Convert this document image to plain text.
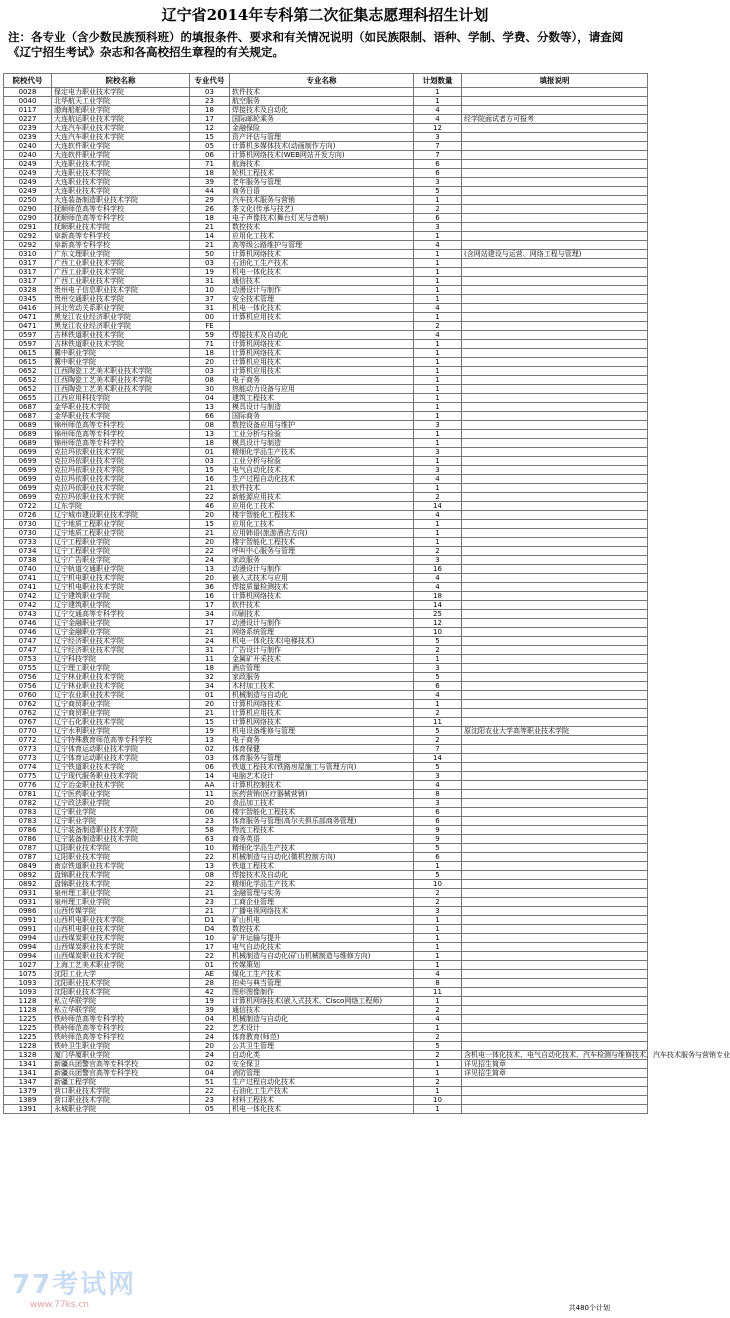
辽宁省2014年专科第二次征集志愿理科招生计划
注：各专业（含少数民族预科班）的填报条件、要求和有关情况说明（如民族限制、语种、学制、学费、分数等），请查阅《辽宁招生考试》杂志和各高校招生章程的有关规定。
院校代号	院校名称	专业代号	专业名称	计划数量	填报说明
0028	保定电力职业技术学院	03	软件技术	1	
0040	北华航天工业学院	23	航空服务	1	
0117	渤海船舶职业学院	18	焊接技术及自动化	4	
0227	大连航运职业技术学院	17	国际邮轮乘务	4	经学院面试者方可报考
0239	大连汽车职业技术学院	12	金融保险	12	
0239	大连汽车职业技术学院	15	资产评估与管理	3	
0240	大连软件职业学院	05	计算机多媒体技术(动画制作方向)	7	
0240	大连软件职业学院	06	计算机网络技术(WEB网站开发方向)	7	
0249	大连职业技术学院	71	航海技术	6	
0249	大连职业技术学院	18	轮机工程技术	6	
0249	大连职业技术学院	39	老年服务与管理	3	
0249	大连职业技术学院	44	商务日语	5	
0250	大连装备制造职业技术学院	29	汽车技术服务与营销	1	
0290	抚顺师范高等专科学校	26	茶文化(传承与技艺)	2	
0290	抚顺师范高等专科学校	18	电子声像技术(舞台灯光与音响)	6	
0291	抚顺职业技术学院	21	数控技术	3	
0292	阜新高等专科学校	14	应用化工技术	1	
0292	阜新高等专科学校	21	高等级公路维护与管理	4	
0310	广东文理职业学院	50	计算机网络技术	1	(含网站建设与运营、网络工程与管理)
0317	广西工业职业技术学院	03	石油化工生产技术	1	
0317	广西工业职业技术学院	19	机电一体化技术	1	
0317	广西工业职业技术学院	31	通信技术	1	
0328	贵州电子信息职业技术学院	10	动漫设计与制作	1	
0345	贵州交通职业技术学院	37	安全技术管理	1	
0416	河北劳动关系职业学院	31	机电一体化技术	4	
0471	黑龙江农业经济职业学院	00	计算机应用技术	1	
0471	黑龙江农业经济职业学院	FE		2	
0597	吉林铁道职业技术学院	59	焊接技术及自动化	4	
0597	吉林铁道职业技术学院	71	计算机网络技术	1	
0615	冀中职业学院	18	计算机网络技术	1	
0615	冀中职业学院	20	计算机应用技术	1	
0652	江西陶瓷工艺美术职业技术学院	03	计算机应用技术	1	
0652	江西陶瓷工艺美术职业技术学院	08	电子商务	1	
0652	江西陶瓷工艺美术职业技术学院	30	热能动力设备与应用	1	
0655	江西应用科技学院	04	建筑工程技术	1	
0687	金华职业技术学院	13	模具设计与制造	1	
0687	金华职业技术学院	66	国际商务	1	
0689	锦州师范高等专科学校	08	数控设备应用与维护	3	
0689	锦州师范高等专科学校	13	工业分析与检验	1	
0689	锦州师范高等专科学校	18	模具设计与制造	1	
0699	克拉玛依职业技术学院	01	精细化学品生产技术	3	
0699	克拉玛依职业技术学院	03	工业分析与检验	1	
0699	克拉玛依职业技术学院	15	电气自动化技术	3	
0699	克拉玛依职业技术学院	16	生产过程自动化技术	4	
0699	克拉玛依职业技术学院	21	软件技术	1	
0699	克拉玛依职业技术学院	22	新能源应用技术	2	
0722	辽东学院	46	应用化工技术	14	
0726	辽宁城市建设职业技术学院	20	楼宇智能化工程技术	4	
0730	辽宁地质工程职业学院	15	应用化工技术	1	
0730	辽宁地质工程职业学院	21	应用韩语(旅游酒店方向)	1	
0733	辽宁工程职业学院	20	楼宇智能化工程技术	1	
0734	辽宁工程职业学院	22	呼叫中心服务与管理	2	
0738	辽宁广告职业学院	24	家政服务	3	
0740	辽宁轨道交通职业学院	13	动漫设计与制作	16	
0741	辽宁机电职业技术学院	20	嵌入式技术与应用	4	
0741	辽宁机电职业技术学院	36	焊接质量检测技术	4	
0742	辽宁建筑职业学院	16	计算机网络技术	18	
0742	辽宁建筑职业学院	17	软件技术	14	
0743	辽宁交通高等专科学校	34	印刷技术	25	
0746	辽宁金融职业学院	17	动漫设计与制作	12	
0746	辽宁金融职业学院	21	网络系统管理	10	
0747	辽宁经济职业技术学院	24	机电一体化技术(电梯技术)	5	
0747	辽宁经济职业技术学院	31	广告设计与制作	2	
0753	辽宁科技学院	11	金属矿开采技术	1	
0755	辽宁理工职业学院	18	酒店管理	3	
0756	辽宁林业职业技术学院	32	家政服务	5	
0756	辽宁林业职业技术学院	34	木材加工技术	6	
0760	辽宁农业职业技术学院	01	机械制造与自动化	4	
0762	辽宁商贸职业学院	20	计算机网络技术	1	
0762	辽宁商贸职业学院	21	计算机应用技术	2	
0767	辽宁石化职业技术学院	15	计算机网络技术	11	
0770	辽宁水利职业学院	19	机电设备维修与管理	5	原沈阳农业大学高等职业技术学院
0772	辽宁特殊教育师范高等专科学校	13	电子商务	2	
0773	辽宁体育运动职业技术学院	02	体育保健	7	
0773	辽宁体育运动职业技术学院	03	体育服务与管理	14	
0774	辽宁铁道职业技术学院	06	铁道工程技术(铁路房屋施工与管理方向)	5	
0775	辽宁现代服务职业技术学院	14	电脑艺术设计	3	
0776	辽宁冶金职业技术学院	AA	计算机控制技术	4	
0781	辽宁医药职业学院	11	医药营销(医疗器械营销)	8	
0782	辽宁政法职业学院	20	食品加工技术	3	
0783	辽宁职业学院	06	楼宇智能化工程技术	6	
0783	辽宁职业学院	23	体育服务与管理(高尔夫俱乐部商务管理)	6	
0786	辽宁装备制造职业技术学院	58	物流工程技术	9	
0786	辽宁装备制造职业技术学院	63	商务英语	9	
0787	辽阳职业技术学院	10	精细化学品生产技术	5	
0787	辽阳职业技术学院	22	机械制造与自动化(微机控制方向)	6	
0849	南京铁道职业技术学院	13	铁道工程技术	1	
0892	盘锦职业技术学院	08	焊接技术及自动化	5	
0892	盘锦职业技术学院	22	精细化学品生产技术	10	
0931	泉州理工职业学院	21	金融管理与实务	2	
0931	泉州理工职业学院	23	工商企业管理	2	
0986	山西传媒学院	21	广播电视网络技术	3	
0991	山西机电职业技术学院	D1	矿山机电	1	
0991	山西机电职业技术学院	D4	数控技术	1	
0994	山西煤炭职业技术学院	10	矿井运输与提升	1	
0994	山西煤炭职业技术学院	17	电气自动化技术	1	
0994	山西煤炭职业技术学院	22	机械制造与自动化(矿山机械制造与维修方向)	1	
1027	上海工艺美术职业学院	01	传媒策划	1	
1075	沈阳工业大学	AE	煤化工生产技术	4	
1093	沈阳职业技术学院	28	拍卖与典当管理	8	
1093	沈阳职业技术学院	42	图形图像制作	11	
1128	私立华联学院	19	计算机网络技术(嵌入式技术、Cisco网络工程师)	1	
1128	私立华联学院	39	通信技术	2	
1225	铁岭师范高等专科学校	04	机械制造与自动化	4	
1225	铁岭师范高等专科学校	22	艺术设计	1	
1225	铁岭师范高等专科学校	24	体育教育(师范)	2	
1228	铁岭卫生职业学院	20	公共卫生管理	5	
1328	厦门华厦职业学院	24	自动化类	2	含机电一体化技术、电气自动化技术、汽车检测与维修技术、汽车技术服务与营销专业
1341	新疆兵团警官高等专科学校	02	安全保卫	1	详见招生简章
1341	新疆兵团警官高等专科学校	04	消防管理	1	详见招生简章
1347	新疆工程学院	51	生产过程自动化技术	2	
1379	营口职业技术学院	22	石油化工生产技术	1	
1389	营口职业技术学院	23	材料工程技术	10	
1391	永城职业学院	05	机电一体化技术	1	
77考试网
www.77ks.cn	共480个计划
